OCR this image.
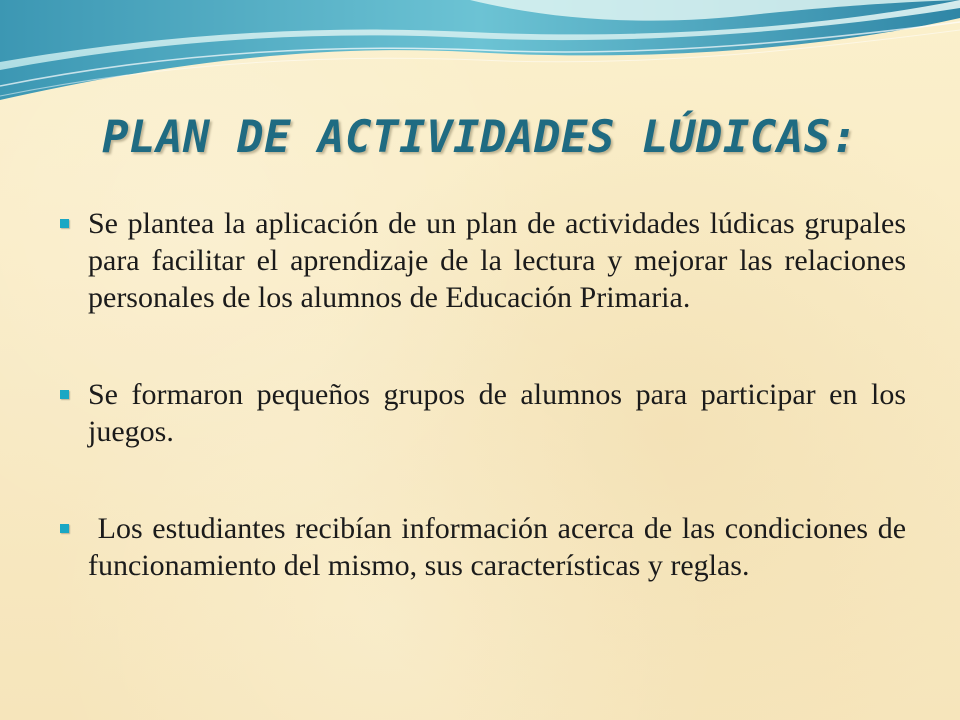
PLAN DE ACTIVIDADES LÚDICAS:
Se plantea la aplicación de un plan de actividades lúdicas grupales para facilitar el aprendizaje de la lectura y mejorar las relaciones personales de los alumnos de Educación Primaria.
Se formaron pequeños grupos de alumnos para participar en los juegos.
Los estudiantes recibían información acerca de las condiciones de funcionamiento del mismo, sus características y reglas.
